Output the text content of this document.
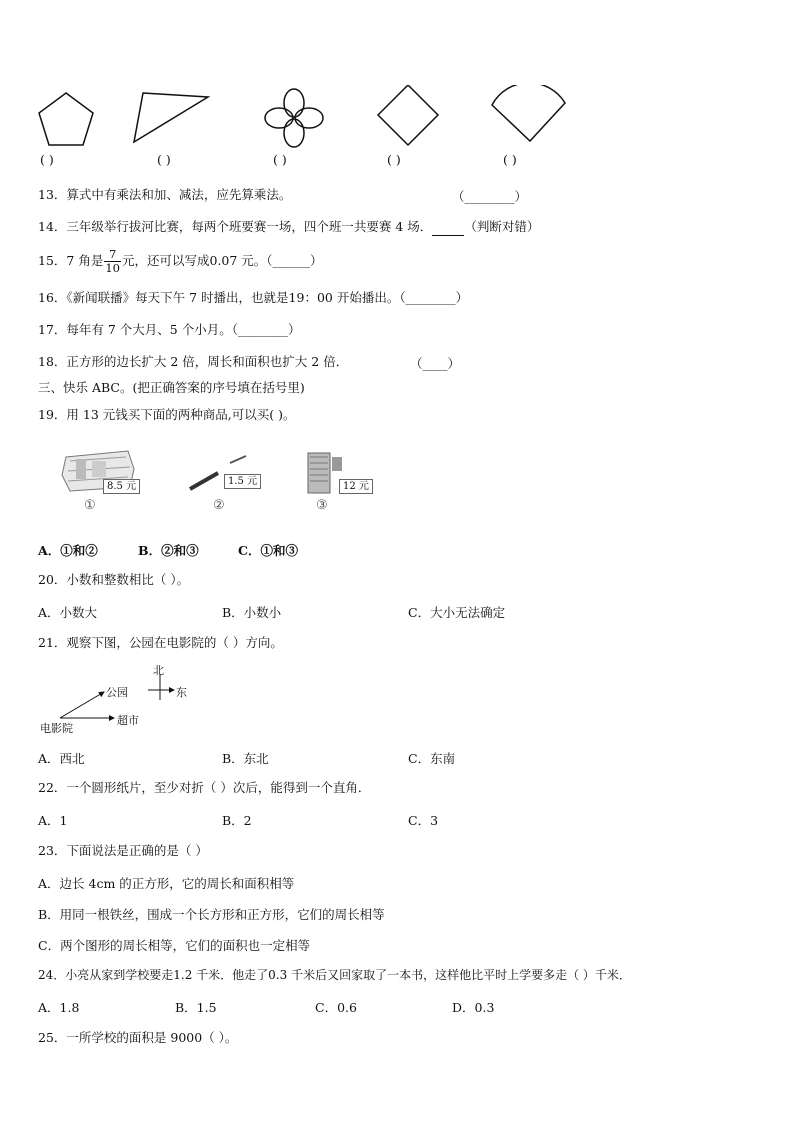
( )	( )	( )	( )	( )
13．算式中有乘法和加、减法，应先算乘法。	（________）
14．三年级举行拔河比赛，每两个班要赛一场，四个班一共要赛 4 场．	（判断对错）
15．7 角是 $\frac{7}{10}$ 元，还可以写成0.07 元。（______）
16．《新闻联播》每天下午 7 时播出，也就是19：00 开始播出。（________）
17．每年有 7 个大月、5 个小月。（________）
18．正方形的边长扩大 2 倍，周长和面积也扩大 2 倍．	（____）
三、快乐 ABC。(把正确答案的序号填在括号里)
19．用 13 元钱买下面的两种商品,可以买( )。
8.5 元	1.5 元	12 元
①	②	③
A．①和②	B．②和③	C．①和③
20．小数和整数相比（ ）。
A．小数大	B．小数小	C．大小无法确定
21．观察下图，公园在电影院的（ ）方向。
北
东
公园
超市
电影院
A．西北	B．东北	C．东南
22．一个圆形纸片，至少对折（ ）次后，能得到一个直角．
A．1	B．2	C．3
23．下面说法是正确的是（ ）
A．边长 4cm 的正方形，它的周长和面积相等
B．用同一根铁丝，围成一个长方形和正方形，它们的周长相等
C．两个图形的周长相等，它们的面积也一定相等
24．小亮从家到学校要走1.2 千米．他走了0.3 千米后又回家取了一本书，这样他比平时上学要多走（ ）千米．
A．1.8	B．1.5	C．0.6	D．0.3
25．一所学校的面积是 9000（ ）。
